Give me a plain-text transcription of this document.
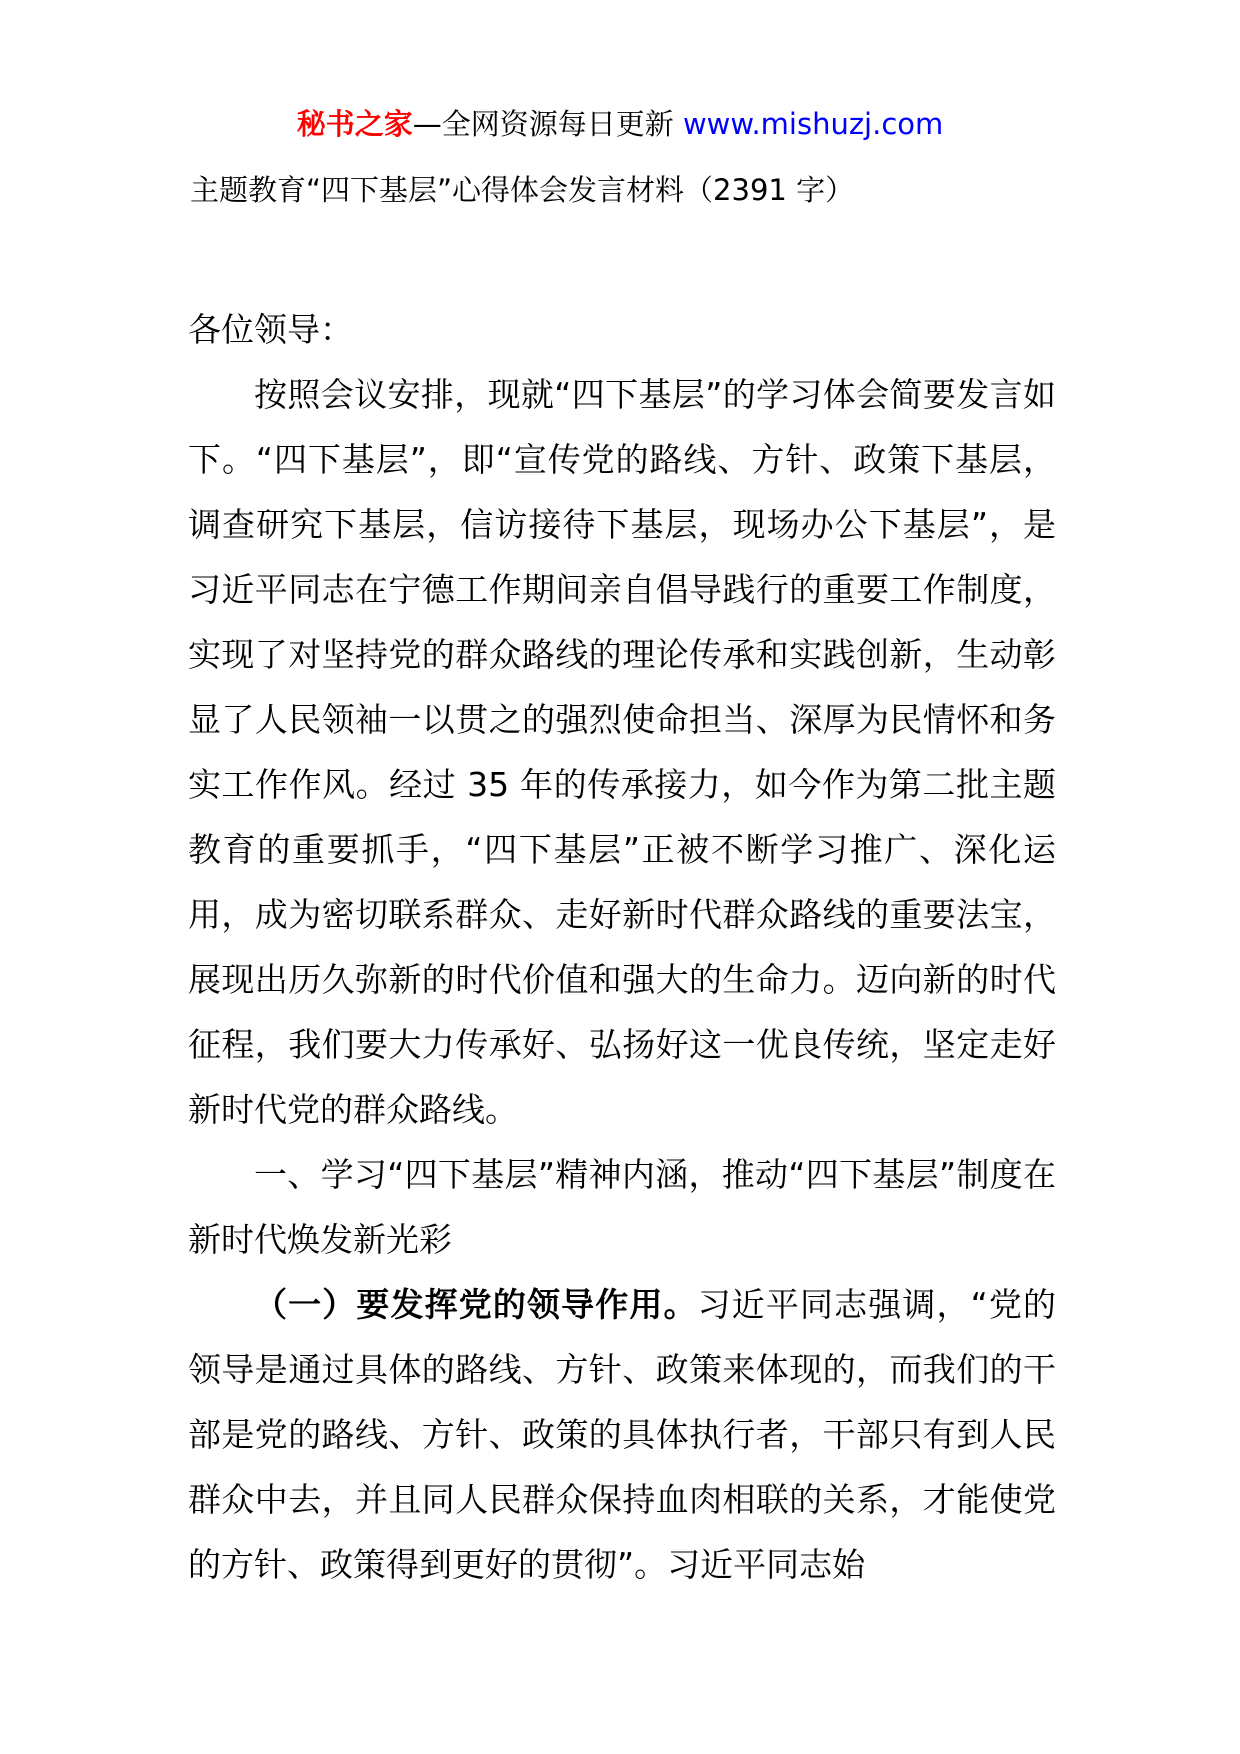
秘书之家—全网资源每日更新 www.mishuzj.com
主题教育“四下基层”心得体会发言材料（2391 字）

各位领导：

按照会议安排，现就“四下基层”的学习体会简要发言如下。“四下基层”，即“宣传党的路线、方针、政策下基层，调查研究下基层，信访接待下基层，现场办公下基层”，是习近平同志在宁德工作期间亲自倡导践行的重要工作制度，实现了对坚持党的群众路线的理论传承和实践创新，生动彰显了人民领袖一以贯之的强烈使命担当、深厚为民情怀和务实工作作风。经过 35 年的传承接力，如今作为第二批主题教育的重要抓手，“四下基层”正被不断学习推广、深化运用，成为密切联系群众、走好新时代群众路线的重要法宝，展现出历久弥新的时代价值和强大的生命力。迈向新的时代征程，我们要大力传承好、弘扬好这一优良传统，坚定走好新时代党的群众路线。

一、学习“四下基层”精神内涵，推动“四下基层”制度在新时代焕发新光彩

（一）要发挥党的领导作用。习近平同志强调，“党的领导是通过具体的路线、方针、政策来体现的，而我们的干部是党的路线、方针、政策的具体执行者，干部只有到人民群众中去，并且同人民群众保持血肉相联的关系，才能使党的方针、政策得到更好的贯彻”。习近平同志始
